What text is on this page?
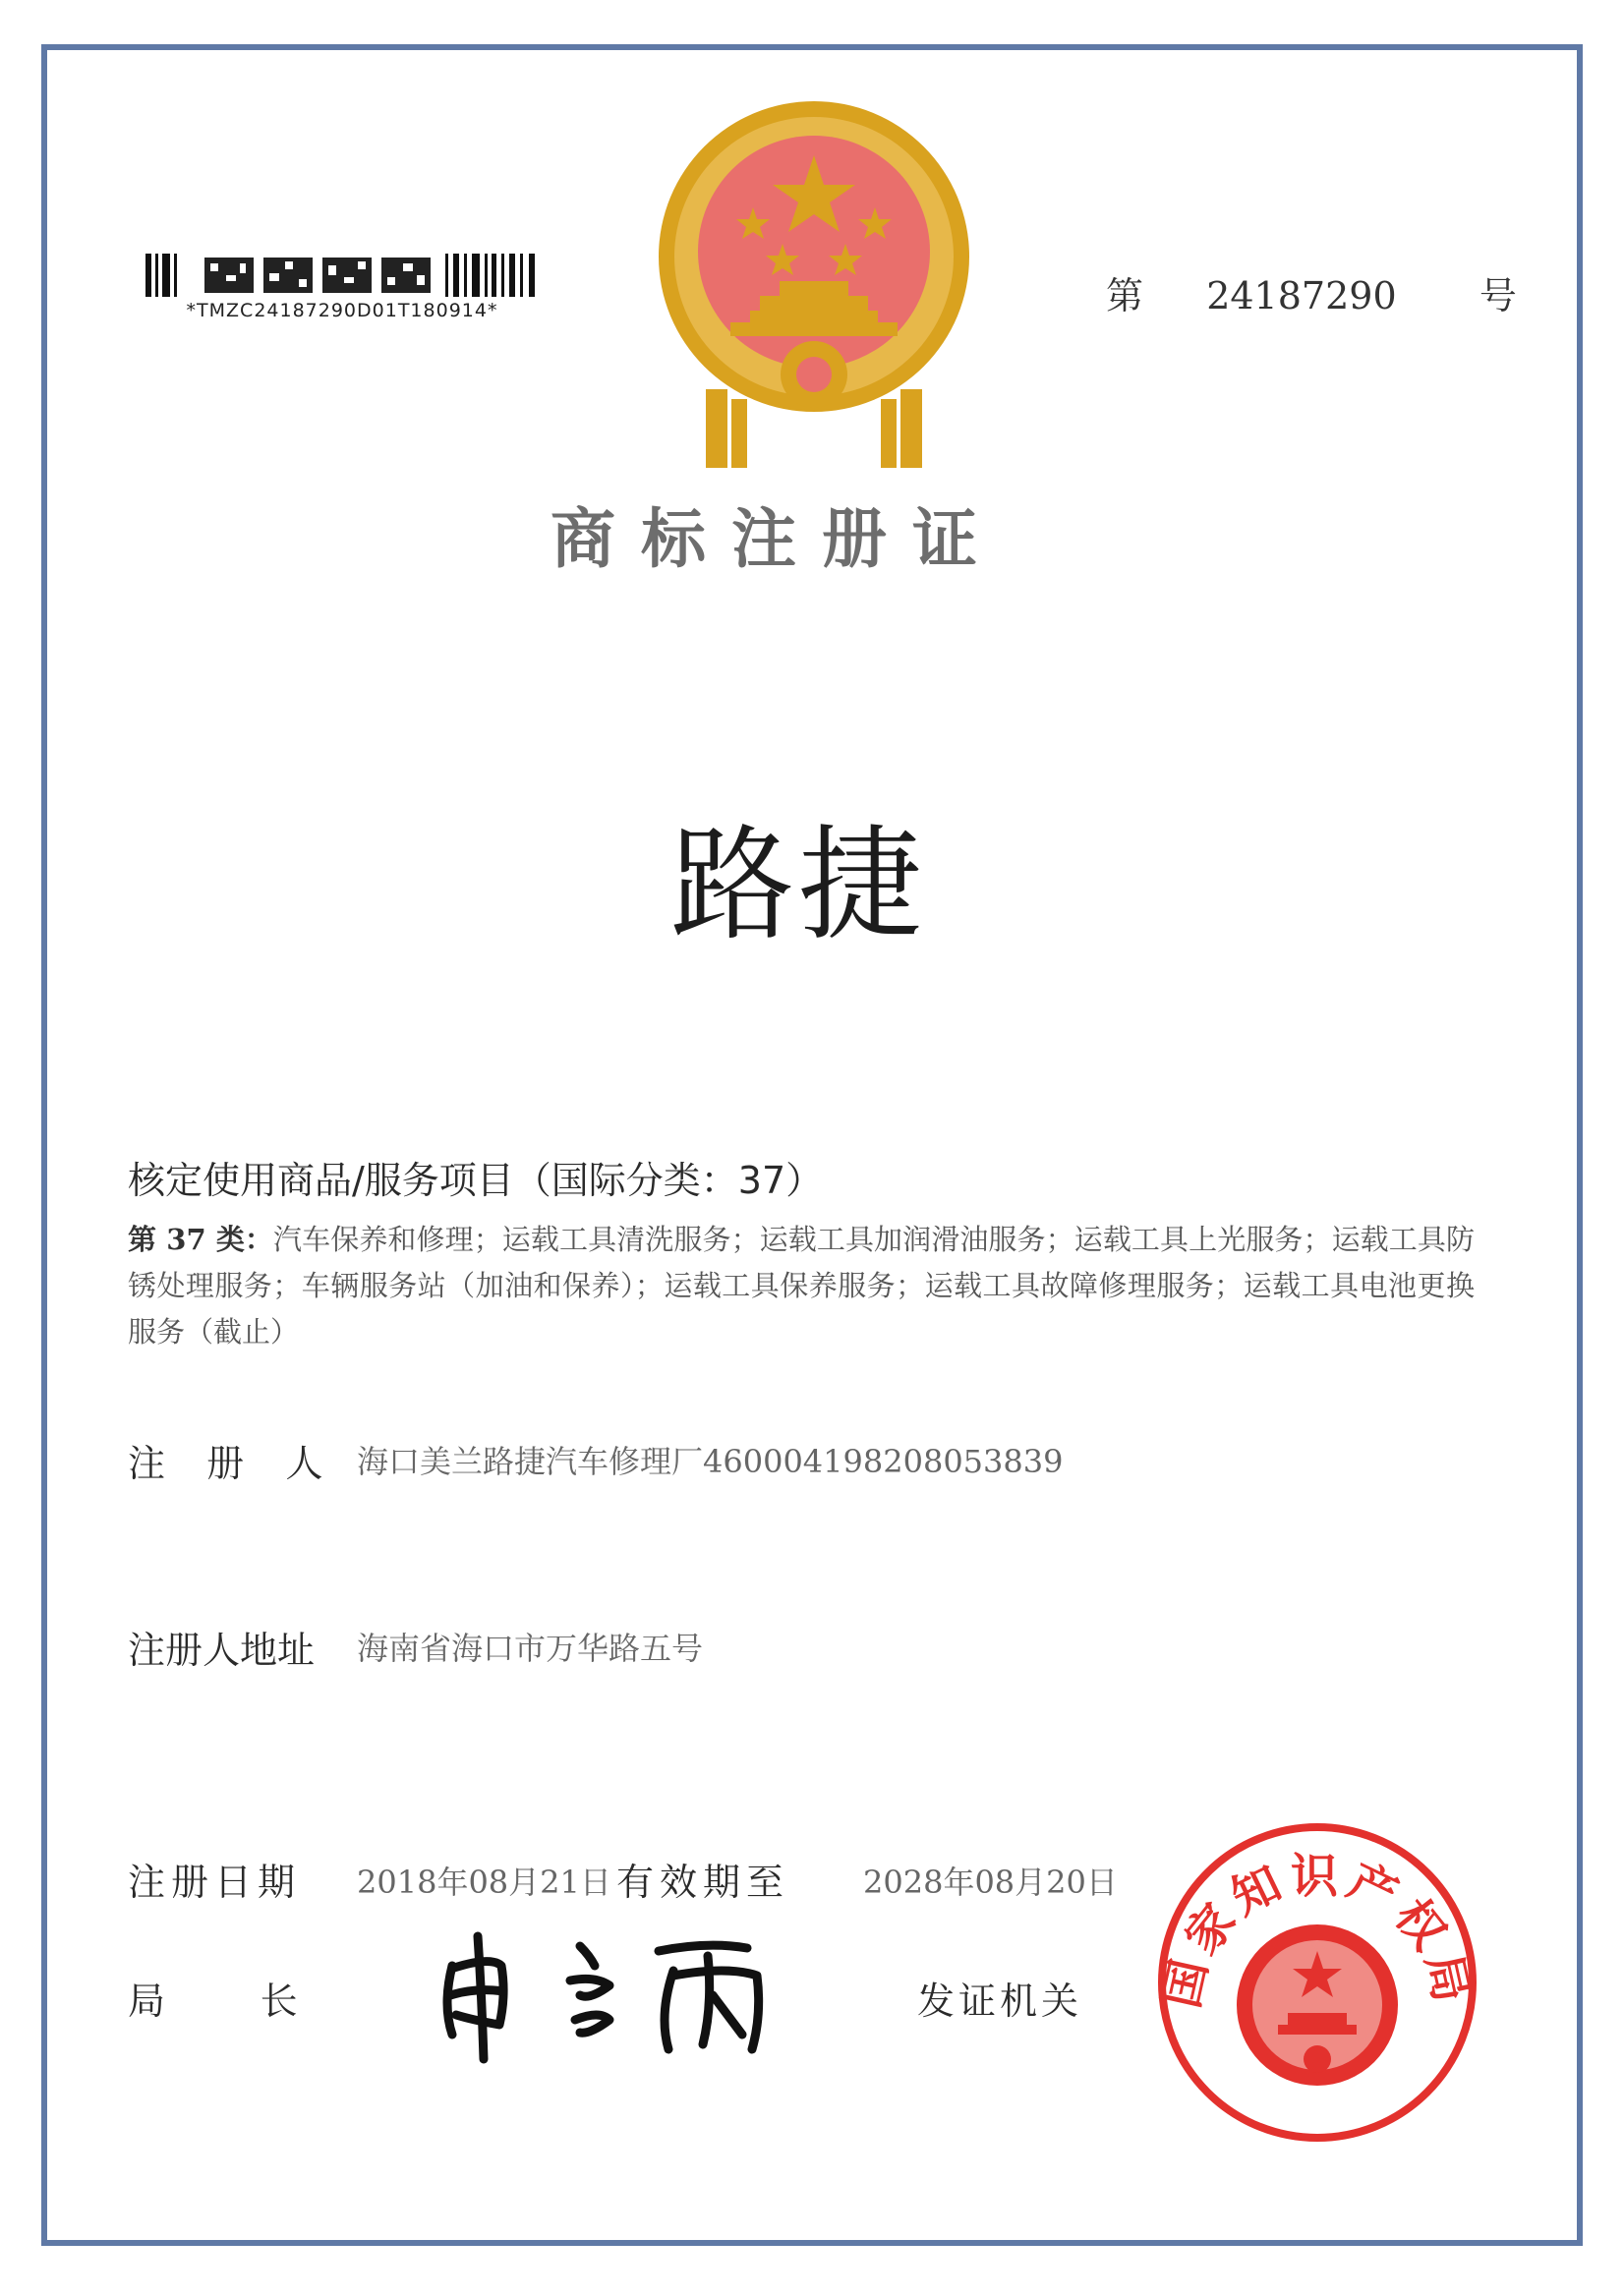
*TMZC24187290D01T180914*	第 24187290 号
商标注册证
路捷
核定使用商品/服务项目（国际分类：37）
第 37 类：汽车保养和修理；运载工具清洗服务；运载工具加润滑油服务；运载工具上光服务；运载工具防锈处理服务；车辆服务站（加油和保养）；运载工具保养服务；运载工具故障修理服务；运载工具电池更换服务（截止）
注  册  人 海口美兰路捷汽车修理厂460004198208053839
注册人地址 海南省海口市万华路五号
注册日期 2018年08月21日 有效期至 2028年08月20日
局        长	发证机关 国家知识产权局
